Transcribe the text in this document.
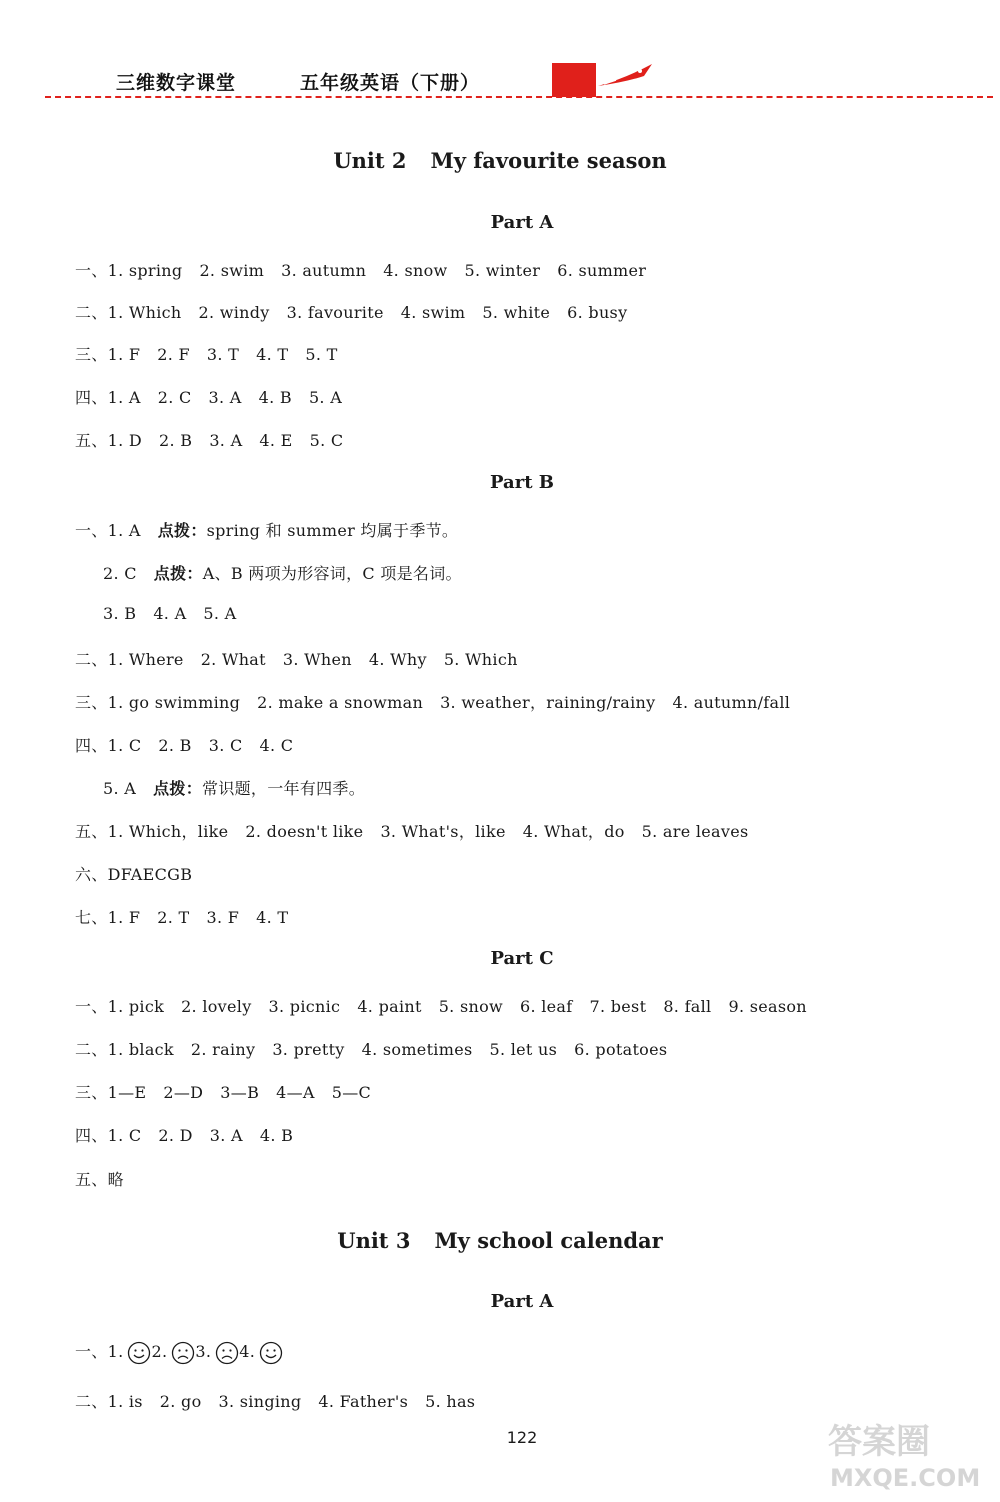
三维数字课堂	五年级英语（下册）
Unit 2 My favourite season
Part A
一、1. spring 2. swim 3. autumn 4. snow 5. winter 6. summer
二、1. Which 2. windy 3. favourite 4. swim 5. white 6. busy
三、1. F 2. F 3. T 4. T 5. T
四、1. A 2. C 3. A 4. B 5. A
五、1. D 2. B 3. A 4. E 5. C
Part B
一、1. A 点拨：spring 和 summer 均属于季节。
2. C 点拨：A、B 两项为形容词，C 项是名词。
3. B 4. A 5. A
二、1. Where 2. What 3. When 4. Why 5. Which
三、1. go swimming 2. make a snowman 3. weather，raining/rainy 4. autumn/fall
四、1. C 2. B 3. C 4. C
5. A 点拨：常识题，一年有四季。
五、1. Which，like 2. doesn't like 3. What's，like 4. What，do 5. are leaves
六、DFAECGB
七、1. F 2. T 3. F 4. T
Part C
一、1. pick 2. lovely 3. picnic 4. paint 5. snow 6. leaf 7. best 8. fall 9. season
二、1. black 2. rainy 3. pretty 4. sometimes 5. let us 6. potatoes
三、1—E 2—D 3—B 4—A 5—C
四、1. C 2. D 3. A 4. B
五、略
Unit 3 My school calendar
Part A
一、1. 2. 3. 4.
二、1. is 2. go 3. singing 4. Father's 5. has
122	答案圈
MXQE.COM
